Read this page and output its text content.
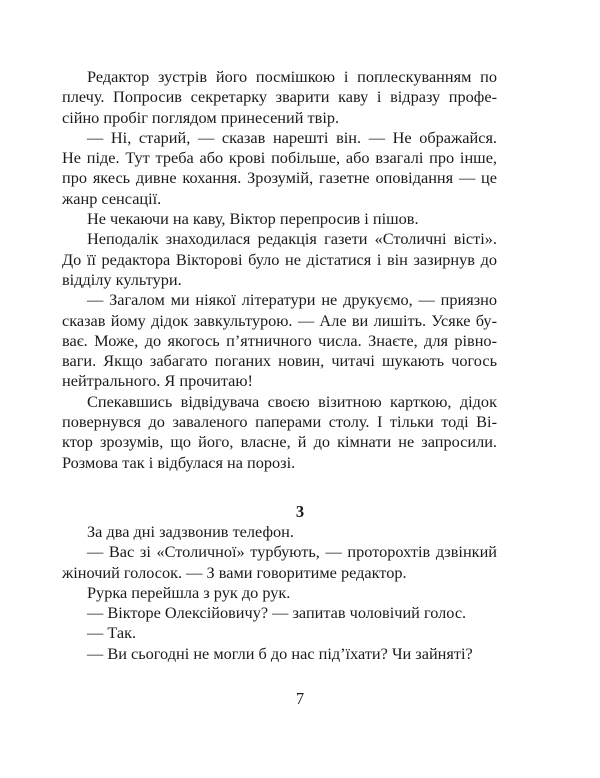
Редактор зустрів його посмішкою і поплескуванням по
плечу. Попросив секретарку зварити каву і відразу профе-
сійно пробіг поглядом принесений твір.
— Ні, старий, — сказав нарешті він. — Не ображайся.
Не піде. Тут треба або крові побільше, або взагалі про інше,
про якесь дивне кохання. Зрозумій, газетне оповідання — це
жанр сенсації.
Не чекаючи на каву, Віктор перепросив і пішов.
Неподалік знаходилася редакція газети «Столичні вісті».
До її редактора Вікторові було не дістатися і він зазирнув до
відділу культури.
— Загалом ми ніякої літератури не друкуємо, — приязно
сказав йому дідок завкультурою. — Але ви лишіть. Усяке бу-
ває. Може, до якогось п’ятничного числа. Знаєте, для рівно-
ваги. Якщо забагато поганих новин, читачі шукають чогось
нейтрального. Я прочитаю!
Спекавшись відвідувача своєю візитною карткою, дідок
повернувся до заваленого паперами столу. І тільки тоді Ві-
ктор зрозумів, що його, власне, й до кімнати не запросили.
Розмова так і відбулася на порозі.
3
За два дні задзвонив телефон.
— Вас зі «Столичної» турбують, — проторохтів дзвінкий
жіночий голосок. — З вами говоритиме редактор.
Рурка перейшла з рук до рук.
— Вікторе Олексійовичу? — запитав чоловічий голос.
— Так.
— Ви сьогодні не могли б до нас під’їхати? Чи зайняті?
7
